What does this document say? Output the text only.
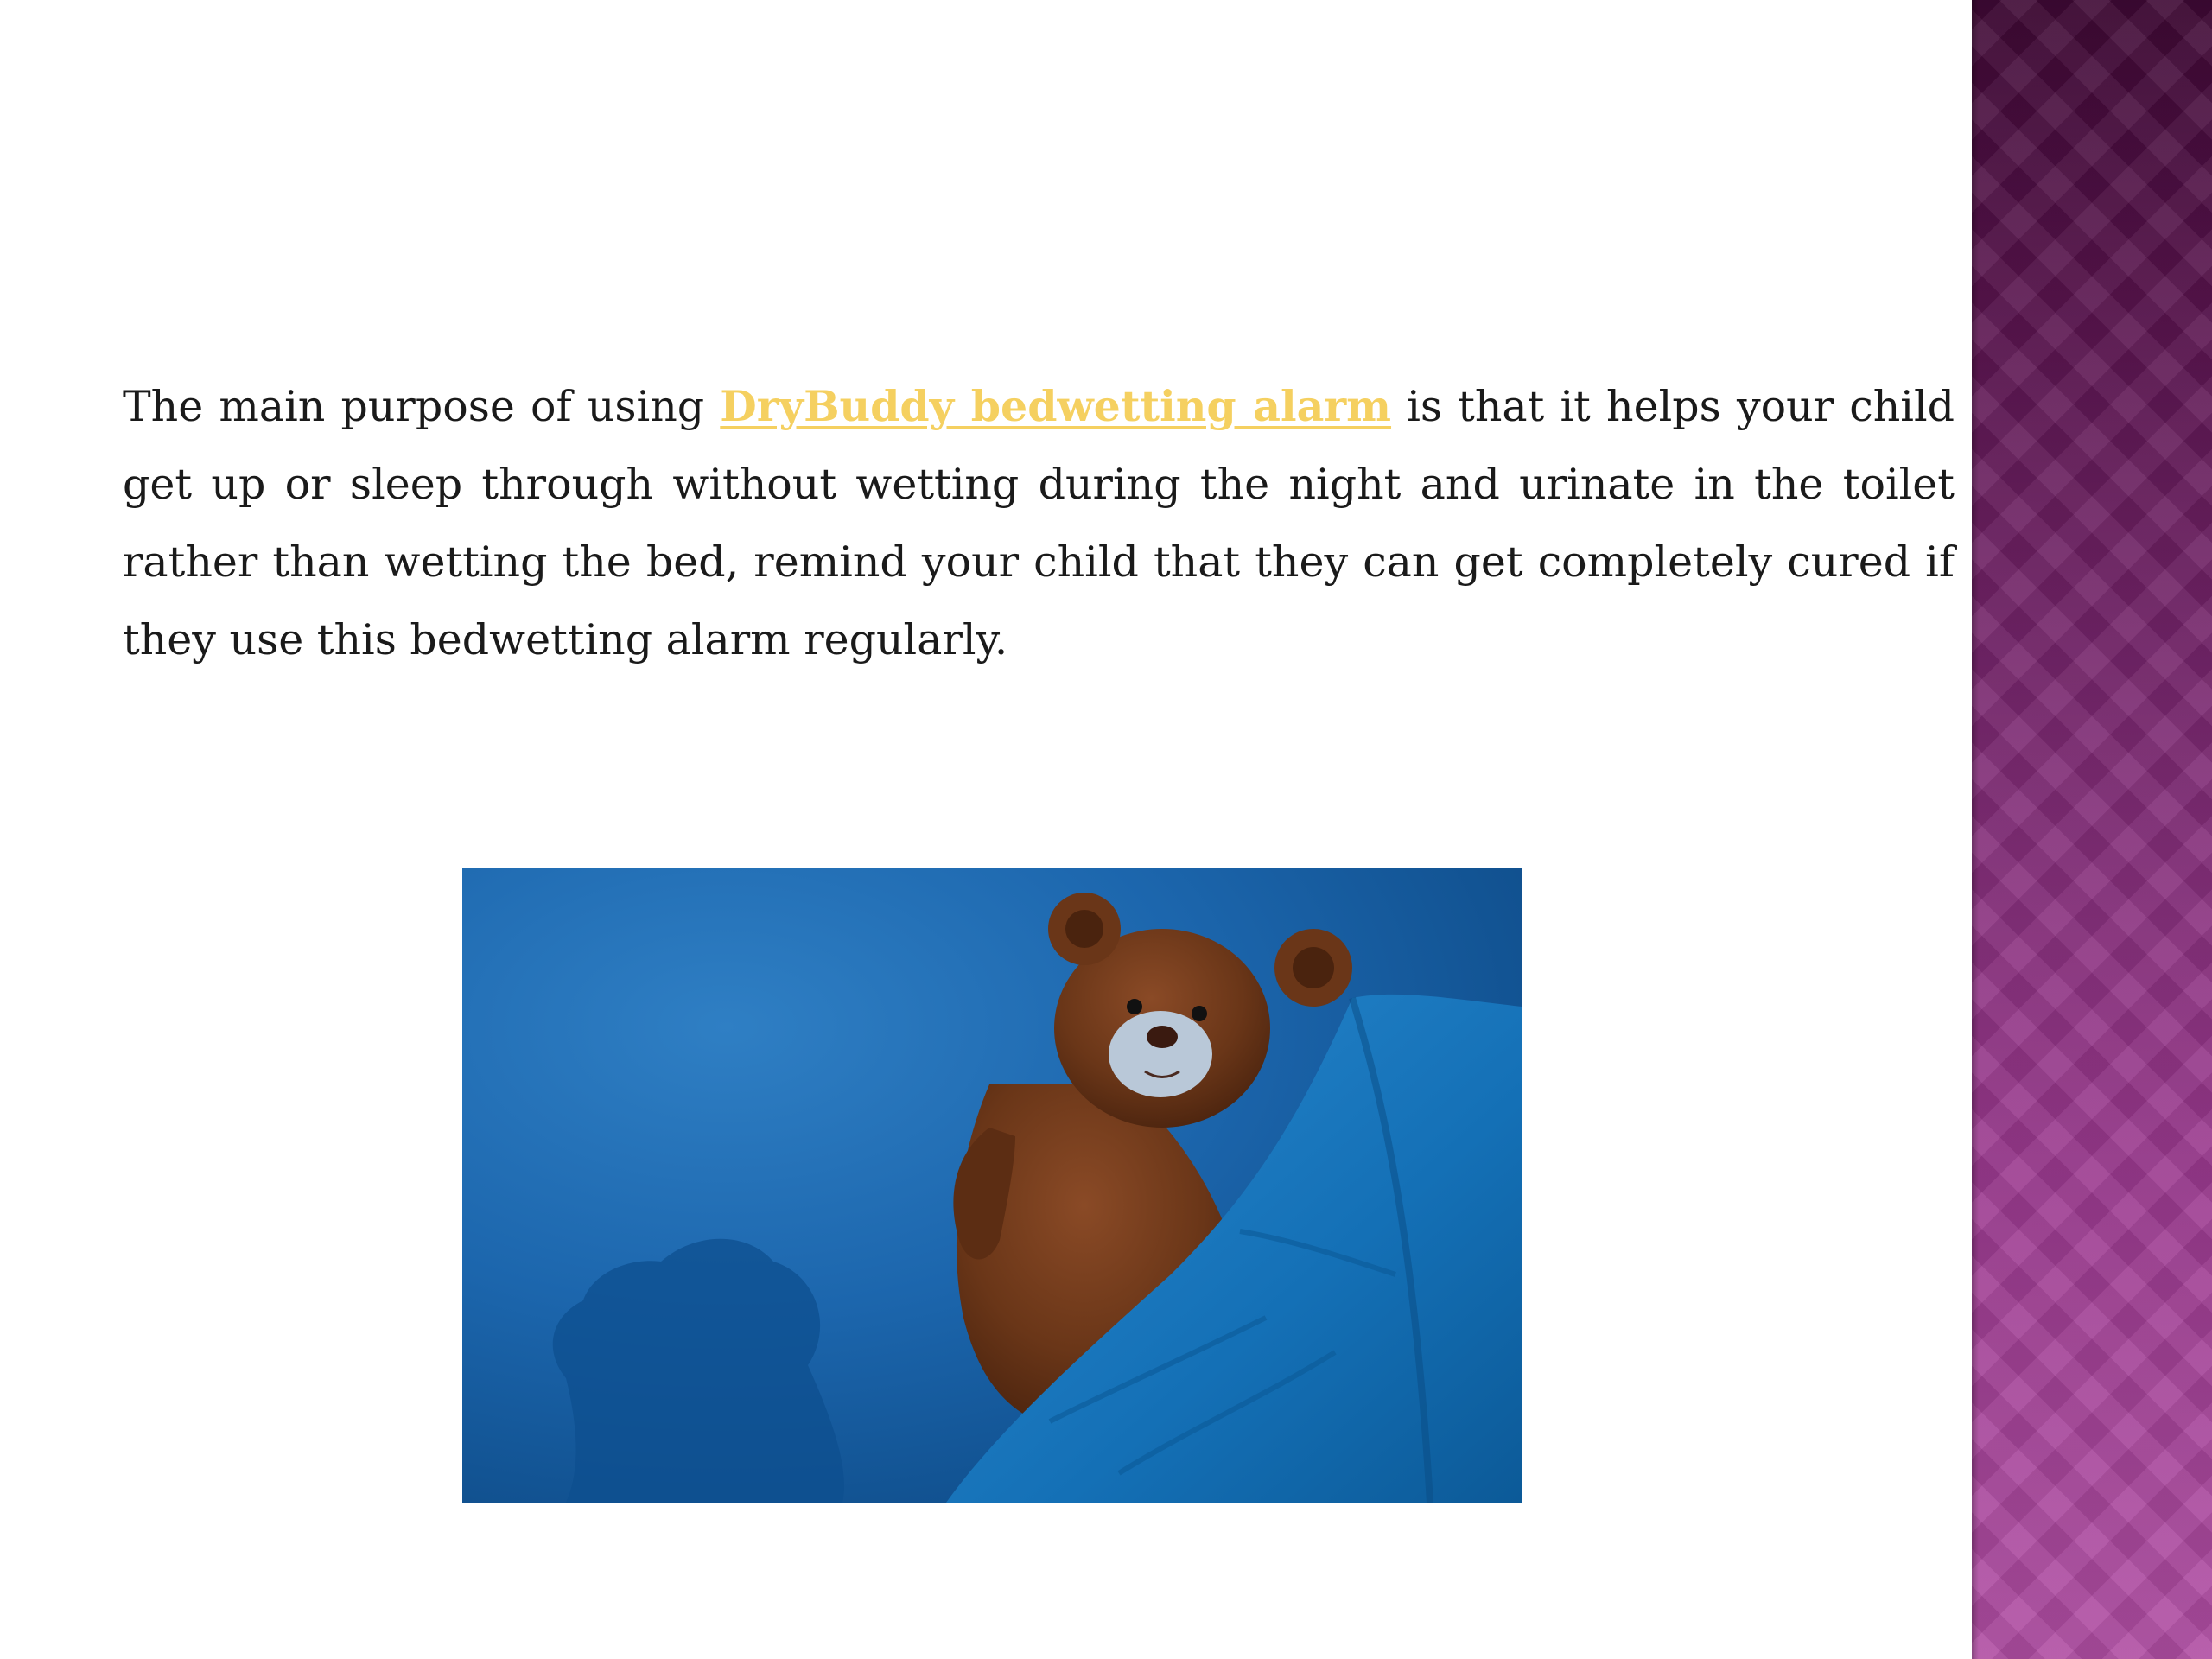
The main purpose of using DryBuddy bedwetting alarm is that it helps your child get up or sleep through without wetting during the night and urinate in the toilet rather than wetting the bed, remind your child that they can get completely cured if they use this bedwetting alarm regularly.
